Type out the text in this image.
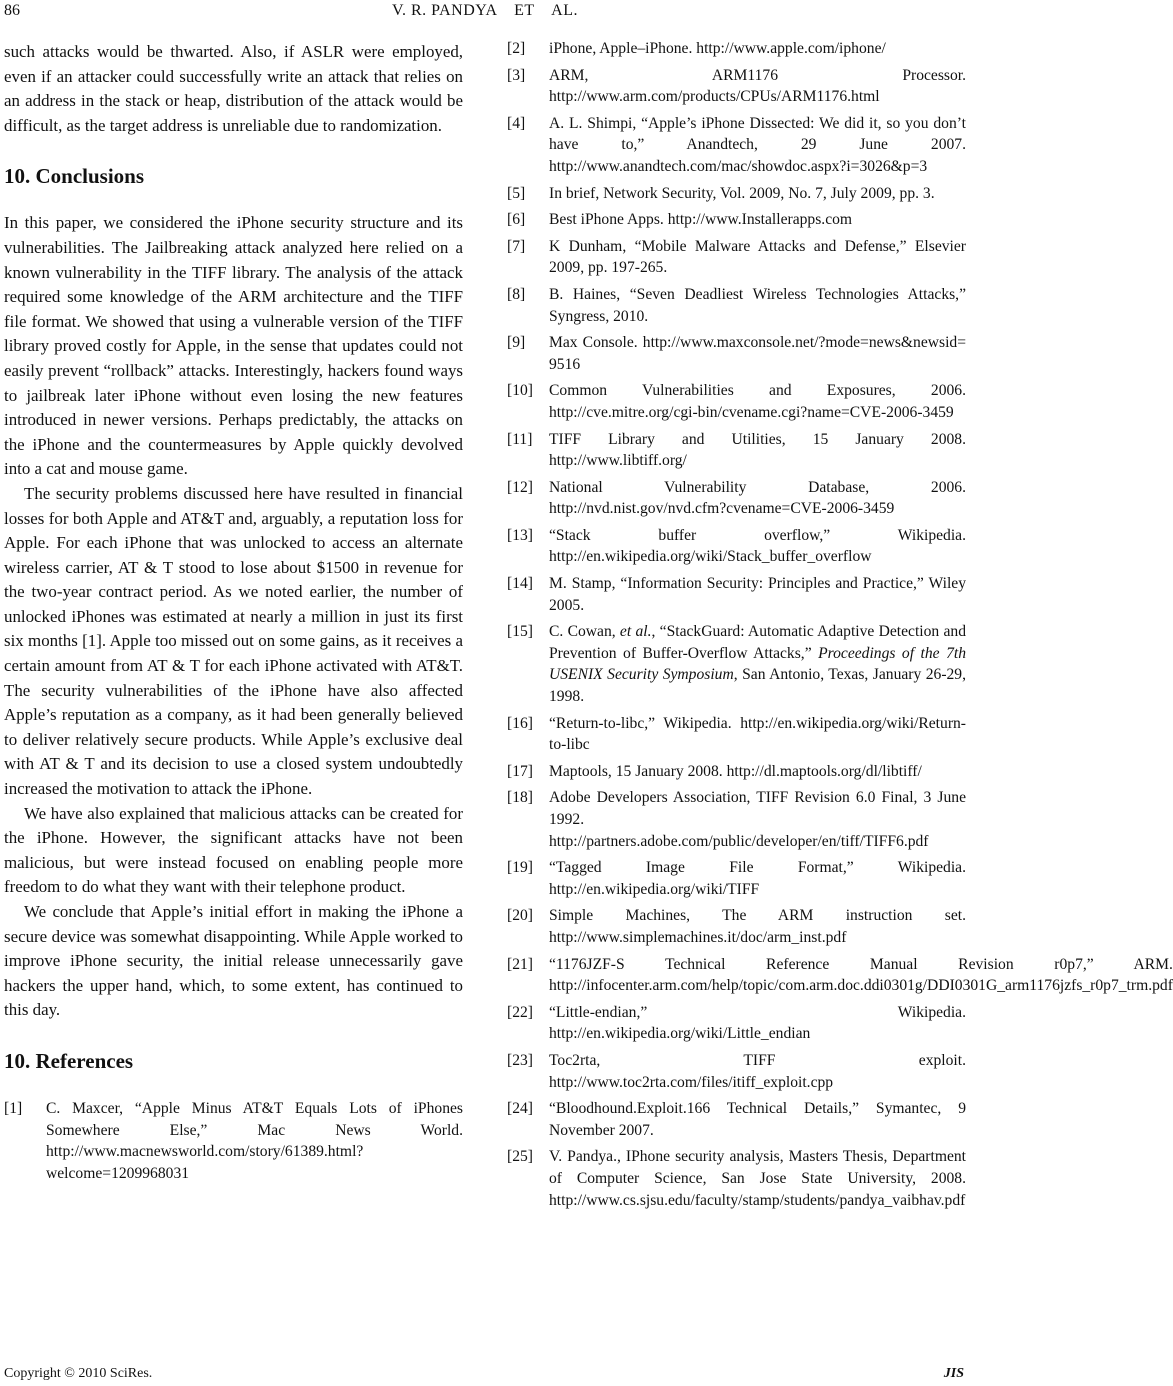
86	V. R. PANDYA ET AL.

such attacks would be thwarted. Also, if ASLR were employed, even if an attacker could successfully write an attack that relies on an address in the stack or heap, distribution of the attack would be difficult, as the target address is unreliable due to randomization.

10. Conclusions

In this paper, we considered the iPhone security structure and its vulnerabilities. The Jailbreaking attack analyzed here relied on a known vulnerability in the TIFF library. The analysis of the attack required some knowledge of the ARM architecture and the TIFF file format. We showed that using a vulnerable version of the TIFF library proved costly for Apple, in the sense that updates could not easily prevent “rollback” attacks. Interestingly, hackers found ways to jailbreak later iPhone without even losing the new features introduced in newer versions. Perhaps predictably, the attacks on the iPhone and the countermeasures by Apple quickly devolved into a cat and mouse game.

The security problems discussed here have resulted in financial losses for both Apple and AT&T and, arguably, a reputation loss for Apple. For each iPhone that was unlocked to access an alternate wireless carrier, AT & T stood to lose about $1500 in revenue for the two-year contract period. As we noted earlier, the number of unlocked iPhones was estimated at nearly a million in just its first six months [1]. Apple too missed out on some gains, as it receives a certain amount from AT & T for each iPhone activated with AT&T. The security vulnerabilities of the iPhone have also affected Apple’s reputation as a company, as it had been generally believed to deliver relatively secure products. While Apple’s exclusive deal with AT & T and its decision to use a closed system undoubtedly increased the motivation to attack the iPhone.

We have also explained that malicious attacks can be created for the iPhone. However, the significant attacks have not been malicious, but were instead focused on enabling people more freedom to do what they want with their telephone product.

We conclude that Apple’s initial effort in making the iPhone a secure device was somewhat disappointing. While Apple worked to improve iPhone security, the initial release unnecessarily gave hackers the upper hand, which, to some extent, has continued to this day.

10. References
[1]	C. Maxcer, “Apple Minus AT&T Equals Lots of iPhones Somewhere Else,” Mac News World. http://www.macnewsworld.com/story/61389.html?welcome=1209968031
[2]	iPhone, Apple–iPhone. http://www.apple.com/iphone/
[3]	ARM, ARM1176 Processor. http://www.arm.com/products/CPUs/ARM1176.html
[4]	A. L. Shimpi, “Apple’s iPhone Dissected: We did it, so you don’t have to,” Anandtech, 29 June 2007. http://www.anandtech.com/mac/showdoc.aspx?i=3026&p=3
[5]	In brief, Network Security, Vol. 2009, No. 7, July 2009, pp. 3.
[6]	Best iPhone Apps. http://www.Installerapps.com
[7]	K Dunham, “Mobile Malware Attacks and Defense,” Elsevier 2009, pp. 197-265.
[8]	B. Haines, “Seven Deadliest Wireless Technologies Attacks,” Syngress, 2010.
[9]	Max Console. http://www.maxconsole.net/?mode=news&newsid= 9516
[10]	Common Vulnerabilities and Exposures, 2006. http://cve.mitre.org/cgi-bin/cvename.cgi?name=CVE-2006-3459
[11]	TIFF Library and Utilities, 15 January 2008. http://www.libtiff.org/
[12]	National Vulnerability Database, 2006. http://nvd.nist.gov/nvd.cfm?cvename=CVE-2006-3459
[13]	“Stack buffer overflow,” Wikipedia. http://en.wikipedia.org/wiki/Stack_buffer_overflow
[14]	M. Stamp, “Information Security: Principles and Practice,” Wiley 2005.
[15]	C. Cowan, et al., “StackGuard: Automatic Adaptive Detection and Prevention of Buffer-Overflow Attacks,” Proceedings of the 7th USENIX Security Symposium, San Antonio, Texas, January 26-29, 1998.
[16]	“Return-to-libc,” Wikipedia. http://en.wikipedia.org/wiki/Return-to-libc
[17]	Maptools, 15 January 2008. http://dl.maptools.org/dl/libtiff/
[18]	Adobe Developers Association, TIFF Revision 6.0 Final, 3 June 1992. http://partners.adobe.com/public/developer/en/tiff/TIFF6.pdf
[19]	“Tagged Image File Format,” Wikipedia. http://en.wikipedia.org/wiki/TIFF
[20]	Simple Machines, The ARM instruction set. http://www.simplemachines.it/doc/arm_inst.pdf
[21]	“1176JZF-S Technical Reference Manual Revision r0p7,” ARM. http://infocenter.arm.com/help/topic/com.arm.doc.ddi0301g/DDI0301G_arm1176jzfs_r0p7_trm.pdf
[22]	“Little-endian,” Wikipedia. http://en.wikipedia.org/wiki/Little_endian
[23]	Toc2rta, TIFF exploit. http://www.toc2rta.com/files/itiff_exploit.cpp
[24]	“Bloodhound.Exploit.166 Technical Details,” Symantec, 9 November 2007.
[25]	V. Pandya., IPhone security analysis, Masters Thesis, Department of Computer Science, San Jose State University, 2008. http://www.cs.sjsu.edu/faculty/stamp/students/pandya_vaibhav.pdf
Copyright © 2010 SciRes.	JIS
